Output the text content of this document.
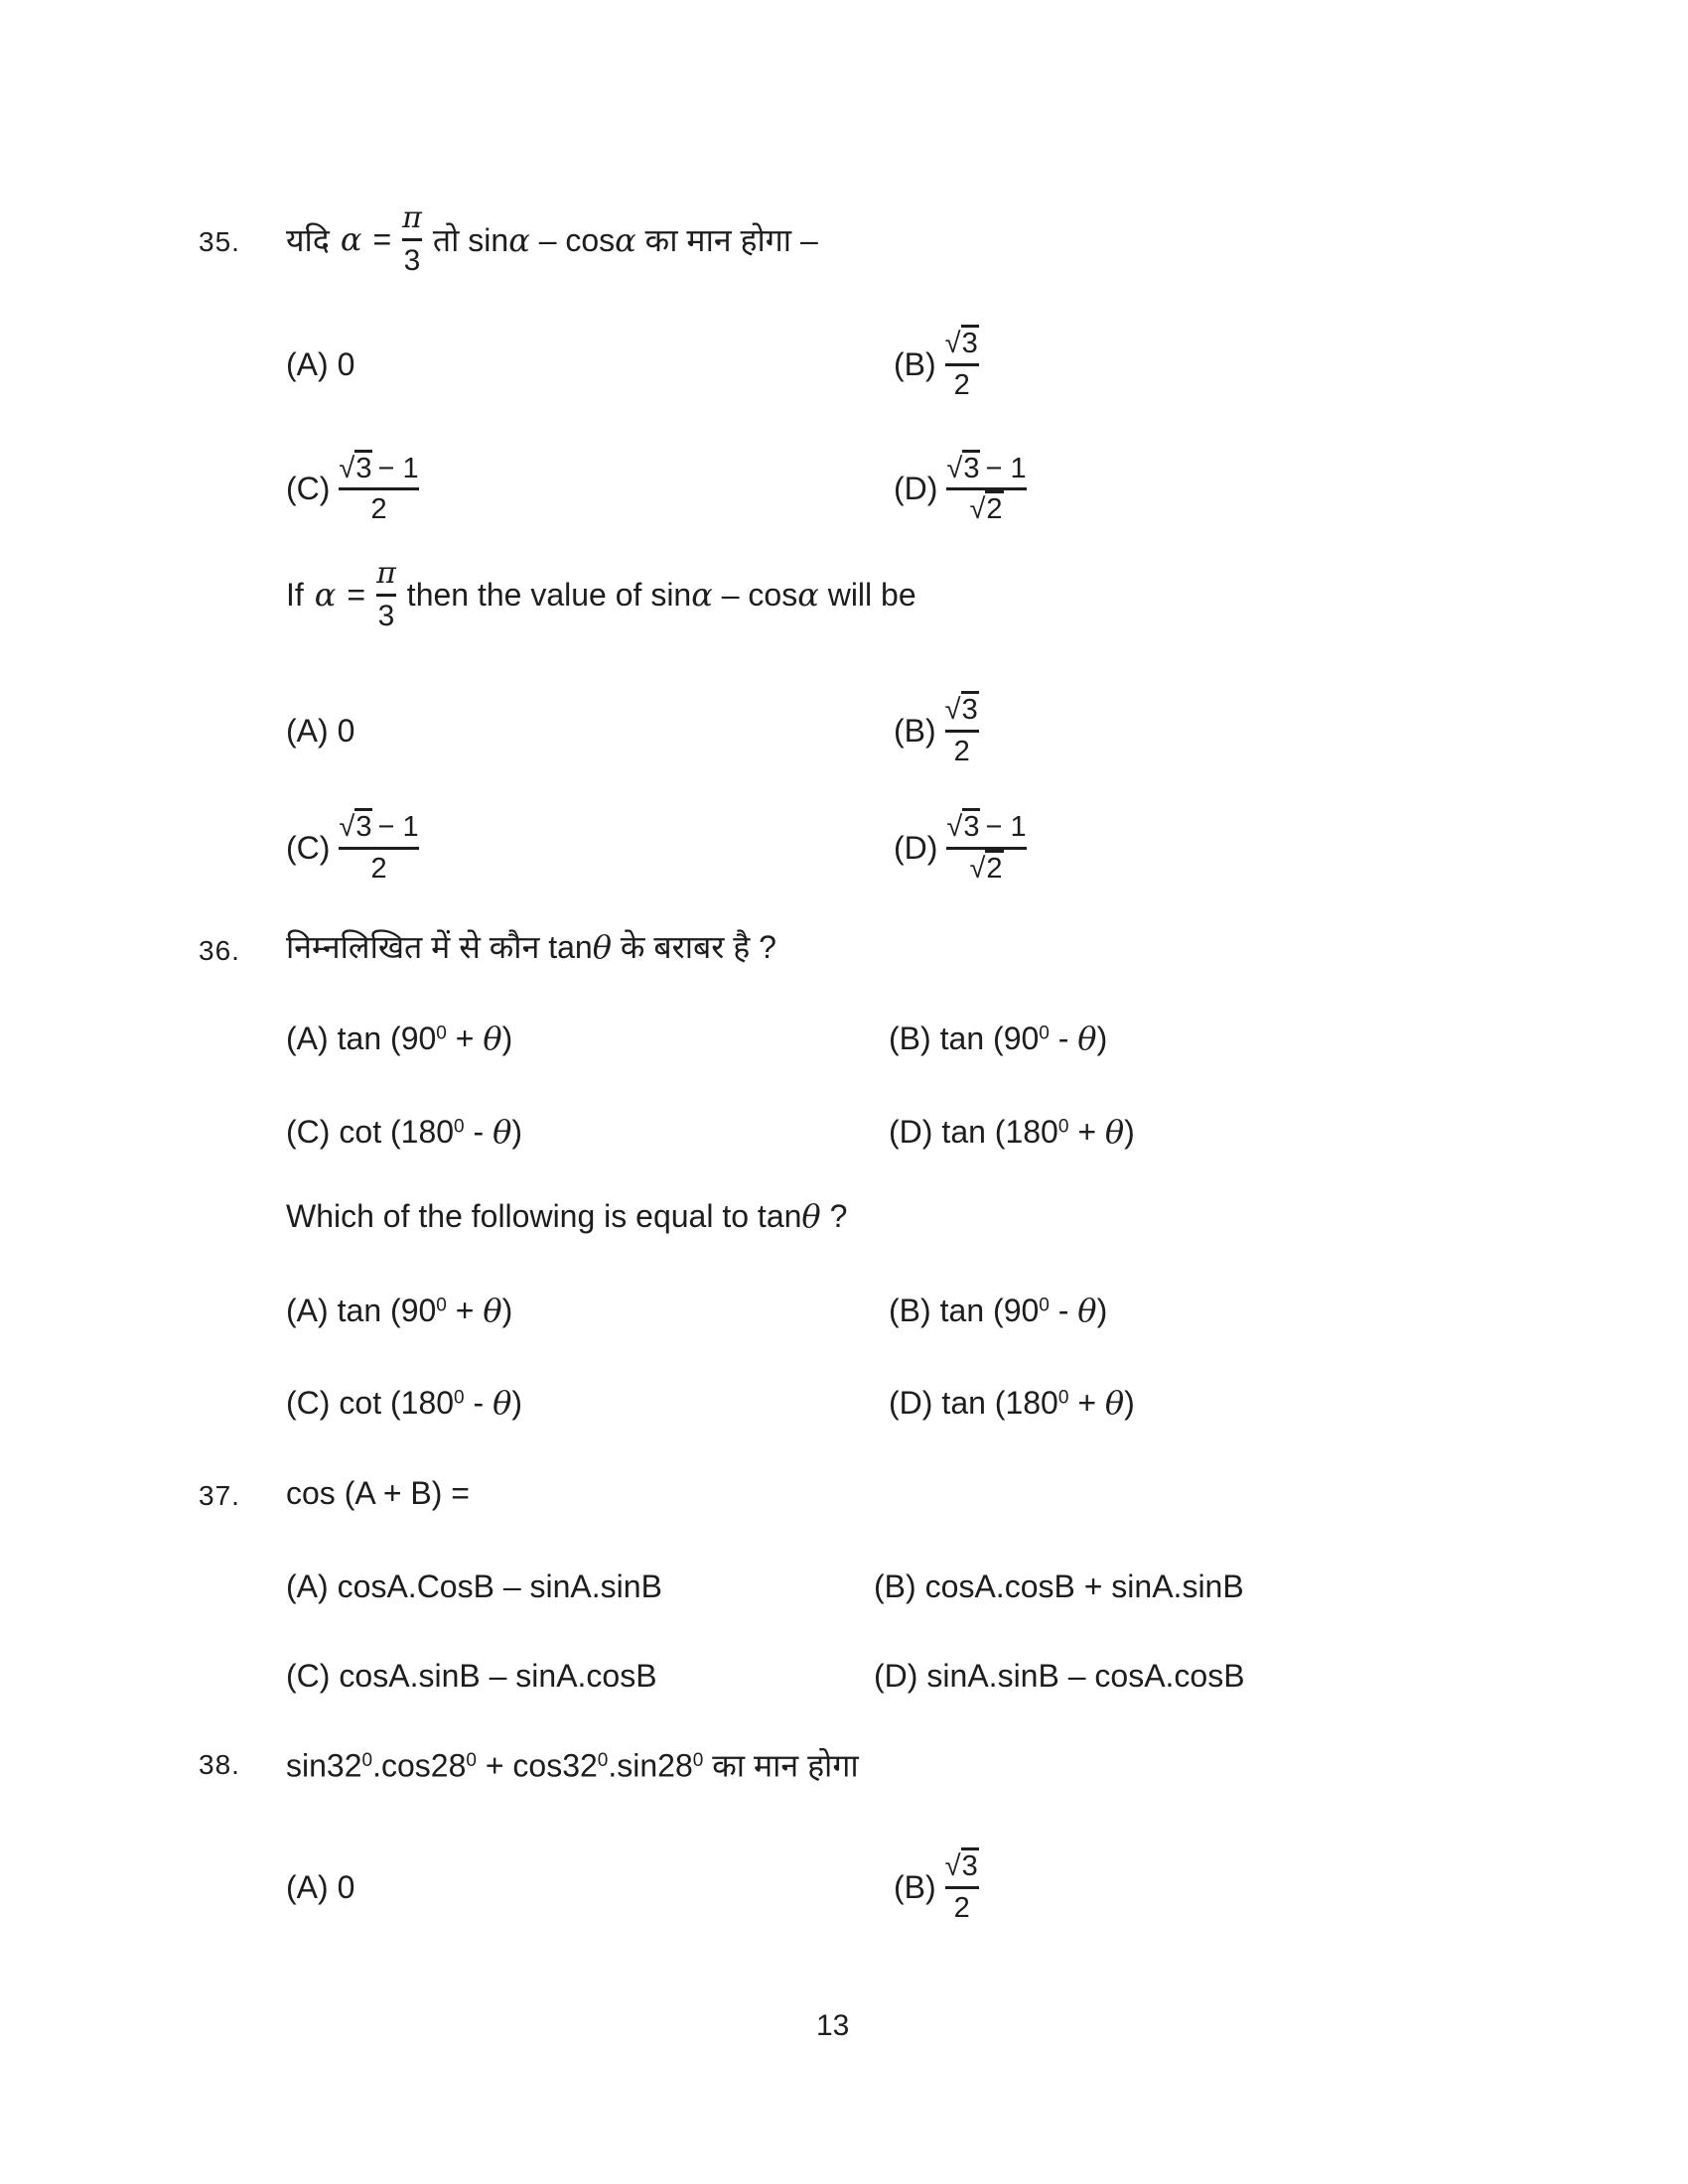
35. यदि $\alpha = \frac{\pi}{3}$ तो sinα – cosα का मान होगा –
(A) 0	$(B) \frac{√3}{2}$
$(C) \frac{√3 - 1}{2}$	$(D) \frac{√3 - 1}{√2}$
If $\alpha = \frac{\pi}{3}$ then the value of sinα – cosα will be
(A) 0	$(B) \frac{√3}{2}$
$(C) \frac{√3 - 1}{2}$	$(D) \frac{√3 - 1}{√2}$
36. निम्नलिखित में से कौन tanθ के बराबर है ?
(A) $\tan (90^0 + \theta)$	(B) $\tan (90^0 - \theta)$
(C) $\cot (180^0 - \theta)$	(D) $\tan (180^0 + \theta)$
Which of the following is equal to tanθ ?
(A) $\tan (90^0 + \theta)$	(B) $\tan (90^0 - \theta)$
(C) $\cot (180^0 - \theta)$	(D) $\tan (180^0 + \theta)$
37. cos (A + B) =
(A) cosA.CosB – sinA.sinB	(B) cosA.cosB + sinA.sinB
(C) cosA.sinB – sinA.cosB	(D) sinA.sinB – cosA.cosB
38. $\sin 32^0.\cos 28^0 + \cos 32^0.\sin 28^0$ का मान होगा
(A) 0	$(B) \frac{√3}{2}$
13
